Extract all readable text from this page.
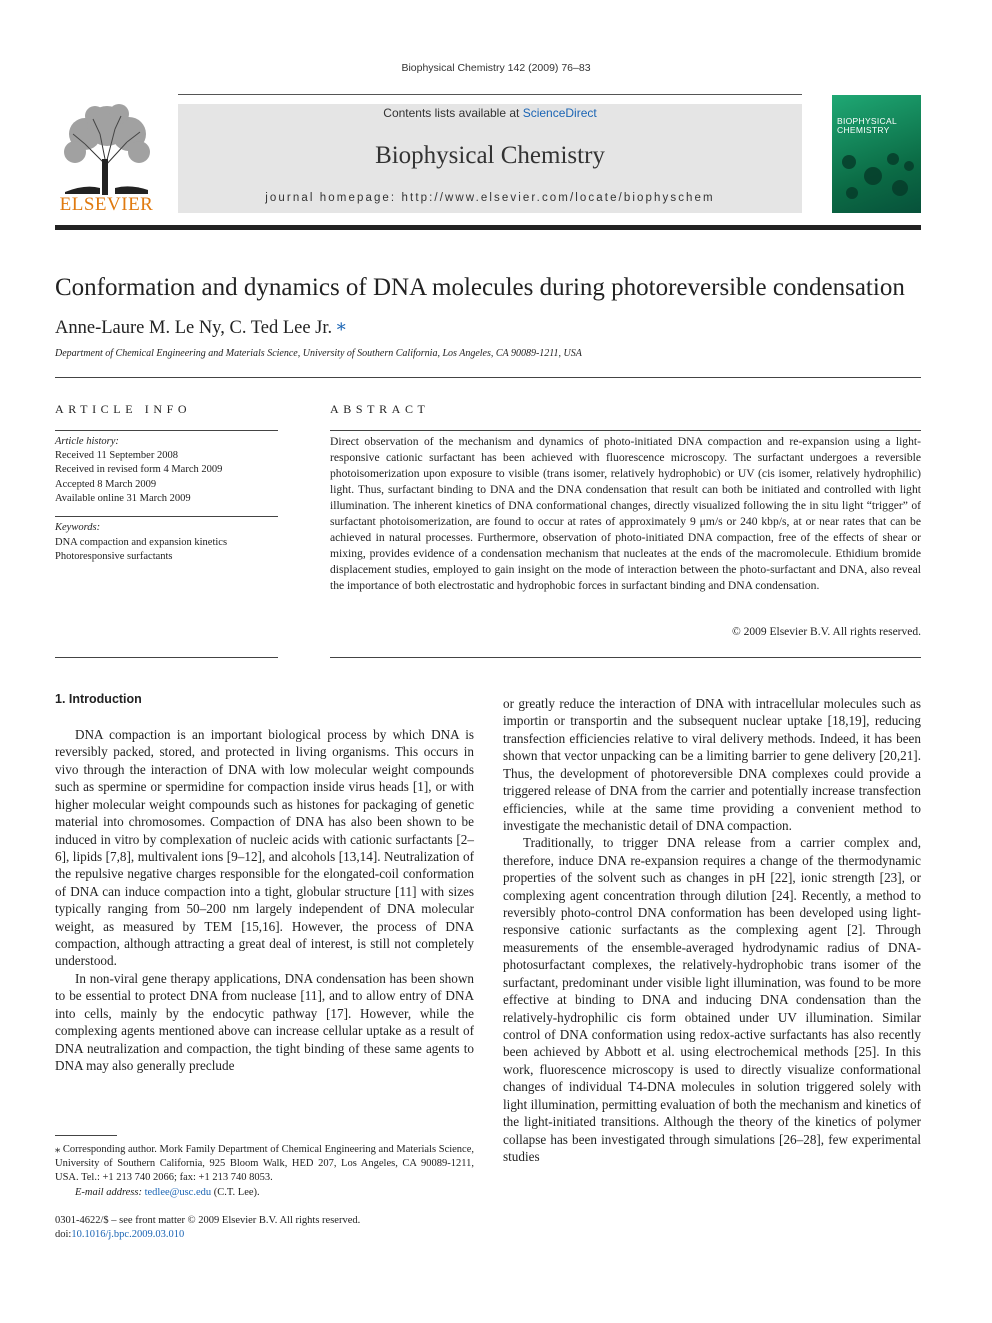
Biophysical Chemistry 142 (2009) 76–83
ELSEVIER
Contents lists available at ScienceDirect
Biophysical Chemistry
journal homepage: http://www.elsevier.com/locate/biophyschem
BIOPHYSICAL
CHEMISTRY
Conformation and dynamics of DNA molecules during photoreversible condensation
Anne-Laure M. Le Ny, C. Ted Lee Jr. ⁎
Department of Chemical Engineering and Materials Science, University of Southern California, Los Angeles, CA 90089-1211, USA
ARTICLE INFO	ABSTRACT
Article history:
Received 11 September 2008
Received in revised form 4 March 2009
Accepted 8 March 2009
Available online 31 March 2009
Keywords:
DNA compaction and expansion kinetics
Photoresponsive surfactants
Direct observation of the mechanism and dynamics of photo-initiated DNA compaction and re-expansion using a light-responsive cationic surfactant has been achieved with fluorescence microscopy. The surfactant undergoes a reversible photoisomerization upon exposure to visible (trans isomer, relatively hydrophobic) or UV (cis isomer, relatively hydrophilic) light. Thus, surfactant binding to DNA and the DNA condensation that result can both be initiated and controlled with light illumination. The inherent kinetics of DNA conformational changes, directly visualized following the in situ light “trigger” of surfactant photoisomerization, are found to occur at rates of approximately 9 μm/s or 240 kbp/s, at or near rates that can be achieved in natural processes. Furthermore, observation of photo-initiated DNA compaction, free of the effects of shear or mixing, provides evidence of a condensation mechanism that nucleates at the ends of the macromolecule. Ethidium bromide displacement studies, employed to gain insight on the mode of interaction between the photo-surfactant and DNA, also reveal the importance of both electrostatic and hydrophobic forces in surfactant binding and DNA condensation.
© 2009 Elsevier B.V. All rights reserved.
1. Introduction

DNA compaction is an important biological process by which DNA is reversibly packed, stored, and protected in living organisms. This occurs in vivo through the interaction of DNA with low molecular weight compounds such as spermine or spermidine for compaction inside virus heads [1], or with higher molecular weight compounds such as histones for packaging of genetic material into chromosomes. Compaction of DNA has also been shown to be induced in vitro by complexation of nucleic acids with cationic surfactants [2–6], lipids [7,8], multivalent ions [9–12], and alcohols [13,14]. Neutralization of the repulsive negative charges responsible for the elongated-coil conformation of DNA can induce compaction into a tight, globular structure [11] with sizes typically ranging from 50–200 nm largely independent of DNA molecular weight, as measured by TEM [15,16]. However, the process of DNA compaction, although attracting a great deal of interest, is still not completely understood.

In non-viral gene therapy applications, DNA condensation has been shown to be essential to protect DNA from nuclease [11], and to allow entry of DNA into cells, mainly by the endocytic pathway [17]. However, while the complexing agents mentioned above can increase cellular uptake as a result of DNA neutralization and compaction, the tight binding of these same agents to DNA may also generally preclude

or greatly reduce the interaction of DNA with intracellular molecules such as importin or transportin and the subsequent nuclear uptake [18,19], reducing transfection efficiencies relative to viral delivery methods. Indeed, it has been shown that vector unpacking can be a limiting barrier to gene delivery [20,21]. Thus, the development of photoreversible DNA complexes could provide a triggered release of DNA from the carrier and potentially increase transfection efficiencies, while at the same time providing a convenient method to investigate the mechanistic detail of DNA compaction.

Traditionally, to trigger DNA release from a carrier complex and, therefore, induce DNA re-expansion requires a change of the thermodynamic properties of the solvent such as changes in pH [22], ionic strength [23], or complexing agent concentration through dilution [24]. Recently, a method to reversibly photo-control DNA conformation has been developed using light-responsive cationic surfactants as the complexing agent [2]. Through measurements of the ensemble-averaged hydrodynamic radius of DNA-photosurfactant complexes, the relatively-hydrophobic trans isomer of the surfactant, predominant under visible light illumination, was found to be more effective at binding to DNA and inducing DNA condensation than the relatively-hydrophilic cis form obtained under UV illumination. Similar control of DNA conformation using redox-active surfactants has also recently been achieved by Abbott et al. using electrochemical methods [25]. In this work, fluorescence microscopy is used to directly visualize conformational changes of individual T4-DNA molecules in solution triggered solely with light illumination, permitting evaluation of both the mechanism and kinetics of the light-initiated transitions. Although the theory of the kinetics of polymer collapse has been investigated through simulations [26–28], few experimental studies

⁎ Corresponding author. Mork Family Department of Chemical Engineering and Materials Science, University of Southern California, 925 Bloom Walk, HED 207, Los Angeles, CA 90089-1211, USA. Tel.: +1 213 740 2066; fax: +1 213 740 8053.
E-mail address: tedlee@usc.edu (C.T. Lee).
0301-4622/$ – see front matter © 2009 Elsevier B.V. All rights reserved.
doi:10.1016/j.bpc.2009.03.010
